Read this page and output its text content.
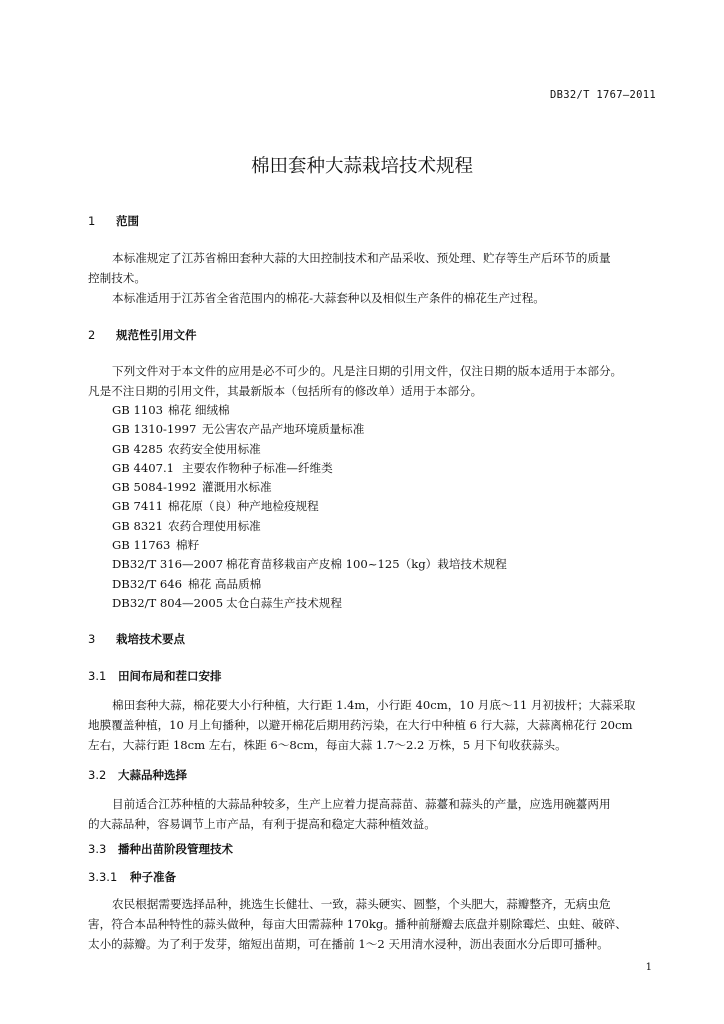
DB32/T 1767—2011
棉田套种大蒜栽培技术规程
1 范围
本标准规定了江苏省棉田套种大蒜的大田控制技术和产品采收、预处理、贮存等生产后环节的质量
控制技术。
本标准适用于江苏省全省范围内的棉花-大蒜套种以及相似生产条件的棉花生产过程。
2 规范性引用文件
下列文件对于本文件的应用是必不可少的。凡是注日期的引用文件，仅注日期的版本适用于本部分。
凡是不注日期的引用文件，其最新版本（包括所有的修改单）适用于本部分。
GB 1103 棉花 细绒棉
GB 1310-1997 无公害农产品产地环境质量标准
GB 4285 农药安全使用标准
GB 4407.1 主要农作物种子标准—纤维类
GB 5084-1992 灌溉用水标准
GB 7411 棉花原（良）种产地检疫规程
GB 8321 农药合理使用标准
GB 11763 棉籽
DB32/T 316—2007 棉花育苗移栽亩产皮棉 100~125（kg）栽培技术规程
DB32/T 646 棉花 高品质棉
DB32/T 804—2005 太仓白蒜生产技术规程
3 栽培技术要点
3.1 田间布局和茬口安排
棉田套种大蒜，棉花要大小行种植，大行距 1.4m，小行距 40cm，10 月底～11 月初拔杆；大蒜采取
地膜覆盖种植，10 月上旬播种，以避开棉花后期用药污染，在大行中种植 6 行大蒜，大蒜离棉花行 20cm
左右，大蒜行距 18cm 左右，株距 6～8cm，每亩大蒜 1.7～2.2 万株，5 月下旬收获蒜头。
3.2 大蒜品种选择
目前适合江苏种植的大蒜品种较多，生产上应着力提高蒜苗、蒜薹和蒜头的产量，应选用碗薹两用
的大蒜品种，容易调节上市产品，有利于提高和稳定大蒜种植效益。
3.3 播种出苗阶段管理技术
3.3.1 种子准备
农民根据需要选择品种，挑选生长健壮、一致，蒜头硬实、圆整，个头肥大，蒜瓣整齐，无病虫危
害，符合本品种特性的蒜头做种，每亩大田需蒜种 170kg。播种前掰瓣去底盘并剔除霉烂、虫蛀、破碎、
太小的蒜瓣。为了利于发芽，缩短出苗期，可在播前 1～2 天用清水浸种，沥出表面水分后即可播种。
1
